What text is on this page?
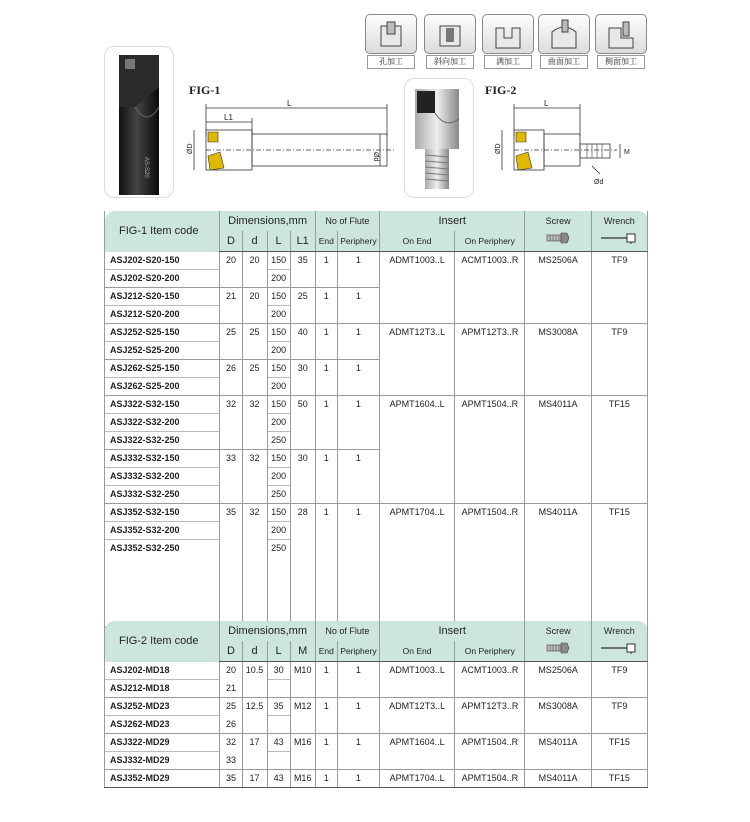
孔加工	斜向加工	满加工	曲面加工	侧面加工
AS-S20
FIG-1
L
L1
ØD
Ød
FIG-2
L
ØD	M
Ød
FIG-1 Item code	Dimensions,mm				No of Flute		Insert		Screw	Wrench
	D	d	L	L1	End	Periphery	On End	On Periphery	

ASJ202-S20-150	20	20	150	35	1	1	ADMT1003..L	ACMT1003..R	MS2506A	TF9
ASJ202-S20-200			200							
ASJ212-S20-150	21	20	150	25	1	1				
ASJ212-S20-200			200							
ASJ252-S25-150	25	25	150	40	1	1	ADMT12T3..L	APMT12T3..R	MS3008A	TF9
ASJ252-S25-200			200							
ASJ262-S25-150	26	25	150	30	1	1				
ASJ262-S25-200			200							
ASJ322-S32-150	32	32	150	50	1	1	APMT1604..L	APMT1504..R	MS4011A	TF15
ASJ322-S32-200			200							
ASJ322-S32-250			250							
ASJ332-S32-150	33	32	150	30	1	1				
ASJ332-S32-200			200							
ASJ332-S32-250			250							
ASJ352-S32-150	35	32	150	28	1	1	APMT1704..L	APMT1504..R	MS4011A	TF15
ASJ352-S32-200			200							
ASJ352-S32-250			250							

FIG-2 Item code	Dimensions,mm				No of Flute		Insert		Screw	Wrench
	D	d	L	M	End	Periphery	On End	On Periphery	

ASJ202-MD18	20	10.5	30	M10	1	1	ADMT1003..L	ACMT1003..R	MS2506A	TF9
ASJ212-MD18	21									
ASJ252-MD23	25	12.5	35	M12	1	1	ADMT12T3..L	APMT12T3..R	MS3008A	TF9
ASJ262-MD23	26									
ASJ322-MD29	32	17	43	M16	1	1	APMT1604..L	APMT1504..R	MS4011A	TF15
ASJ332-MD29	33									
ASJ352-MD29	35	17	43	M16	1	1	APMT1704..L	APMT1504..R	MS4011A	TF15
